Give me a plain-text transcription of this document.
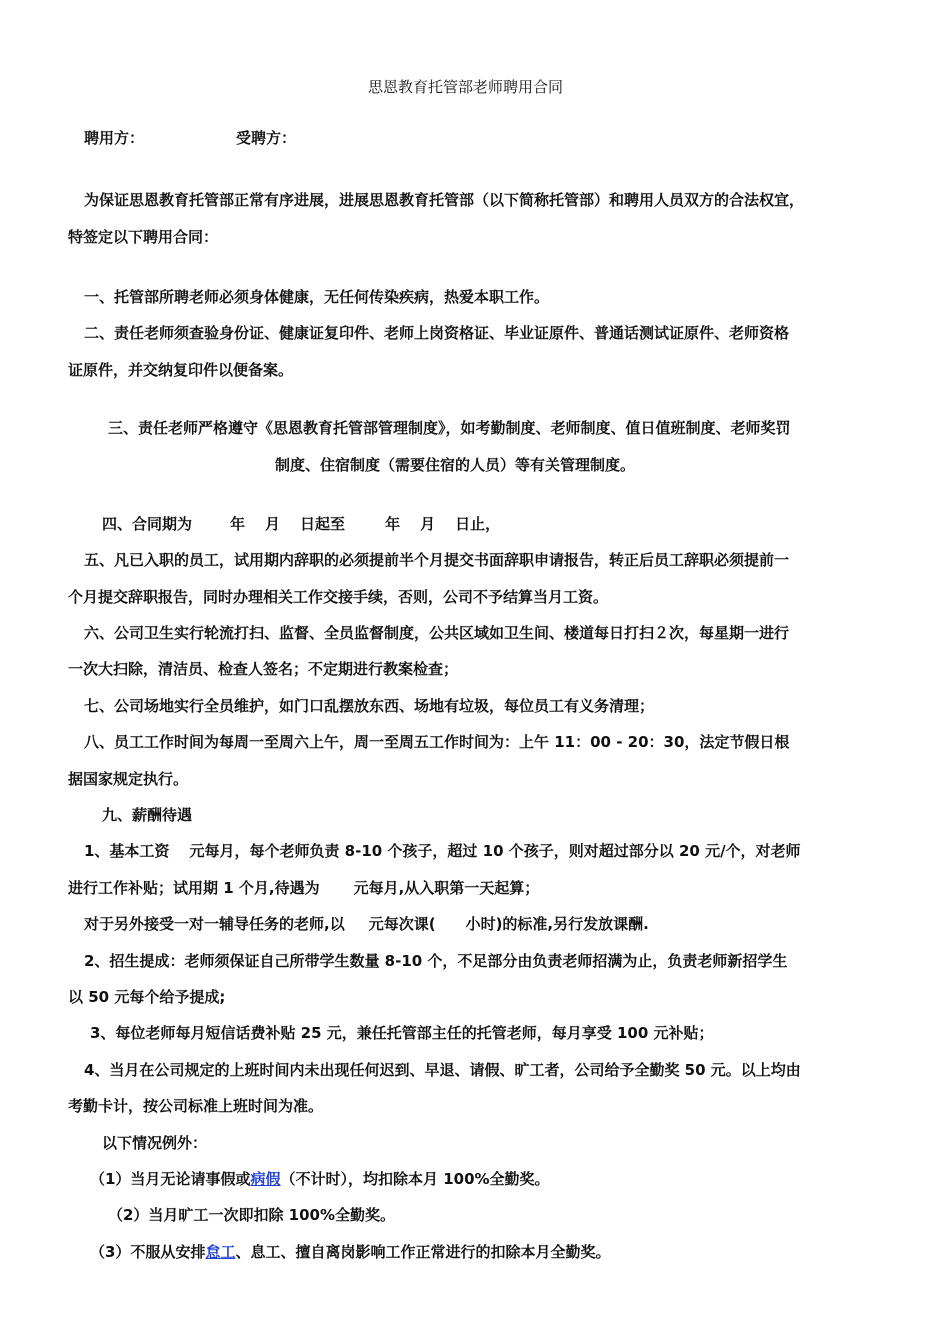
思恩教育托管部老师聘用合同
聘用方：	受聘方：
为保证思恩教育托管部正常有序进展，进展思恩教育托管部（以下简称托管部）和聘用人员双方的合法权宜，
特签定以下聘用合同：
一、托管部所聘老师必须身体健康，无任何传染疾病，热爱本职工作。
二、责任老师须查验身份证、健康证复印件、老师上岗资格证、毕业证原件、普通话测试证原件、老师资格
证原件，并交纳复印件以便备案。
三、责任老师严格遵守《思恩教育托管部管理制度》，如考勤制度、老师制度、值日值班制度、老师奖罚
制度、住宿制度（需要住宿的人员）等有关管理制度。
四、合同期为	年 月 日起至	年 月 日止，
五、凡已入职的员工，试用期内辞职的必须提前半个月提交书面辞职申请报告，转正后员工辞职必须提前一
个月提交辞职报告，同时办理相关工作交接手续，否则，公司不予结算当月工资。
六、公司卫生实行轮流打扫、监督、全员监督制度，公共区域如卫生间、楼道每日打扫２次，每星期一进行
一次大扫除，清洁员、检查人签名；不定期进行教案检查；
七、公司场地实行全员维护，如门口乱摆放东西、场地有垃圾，每位员工有义务清理；
八、员工工作时间为每周一至周六上午，周一至周五工作时间为：上午 11：00 - 20：30，法定节假日根
据国家规定执行。
九、薪酬待遇
1、基本工资 元每月，每个老师负责 8-10 个孩子，超过 10 个孩子，则对超过部分以 20 元/个，对老师
进行工作补贴；试用期 1 个月,待遇为 元每月,从入职第一天起算；
对于另外接受一对一辅导任务的老师,以 元每次课( 小时)的标准,另行发放课酬.
2、招生提成：老师须保证自己所带学生数量 8-10 个，不足部分由负责老师招满为止，负责老师新招学生
以 50 元每个给予提成;
3、每位老师每月短信话费补贴 25 元，兼任托管部主任的托管老师，每月享受 100 元补贴；
4、当月在公司规定的上班时间内未出现任何迟到、早退、请假、旷工者，公司给予全勤奖 50 元。以上均由
考勤卡计，按公司标准上班时间为准。
以下情况例外：
（1）当月无论请事假或病假（不计时），均扣除本月 100%全勤奖。
（2）当月旷工一次即扣除 100%全勤奖。
（3）不服从安排怠工、息工、擅自离岗影响工作正常进行的扣除本月全勤奖。
